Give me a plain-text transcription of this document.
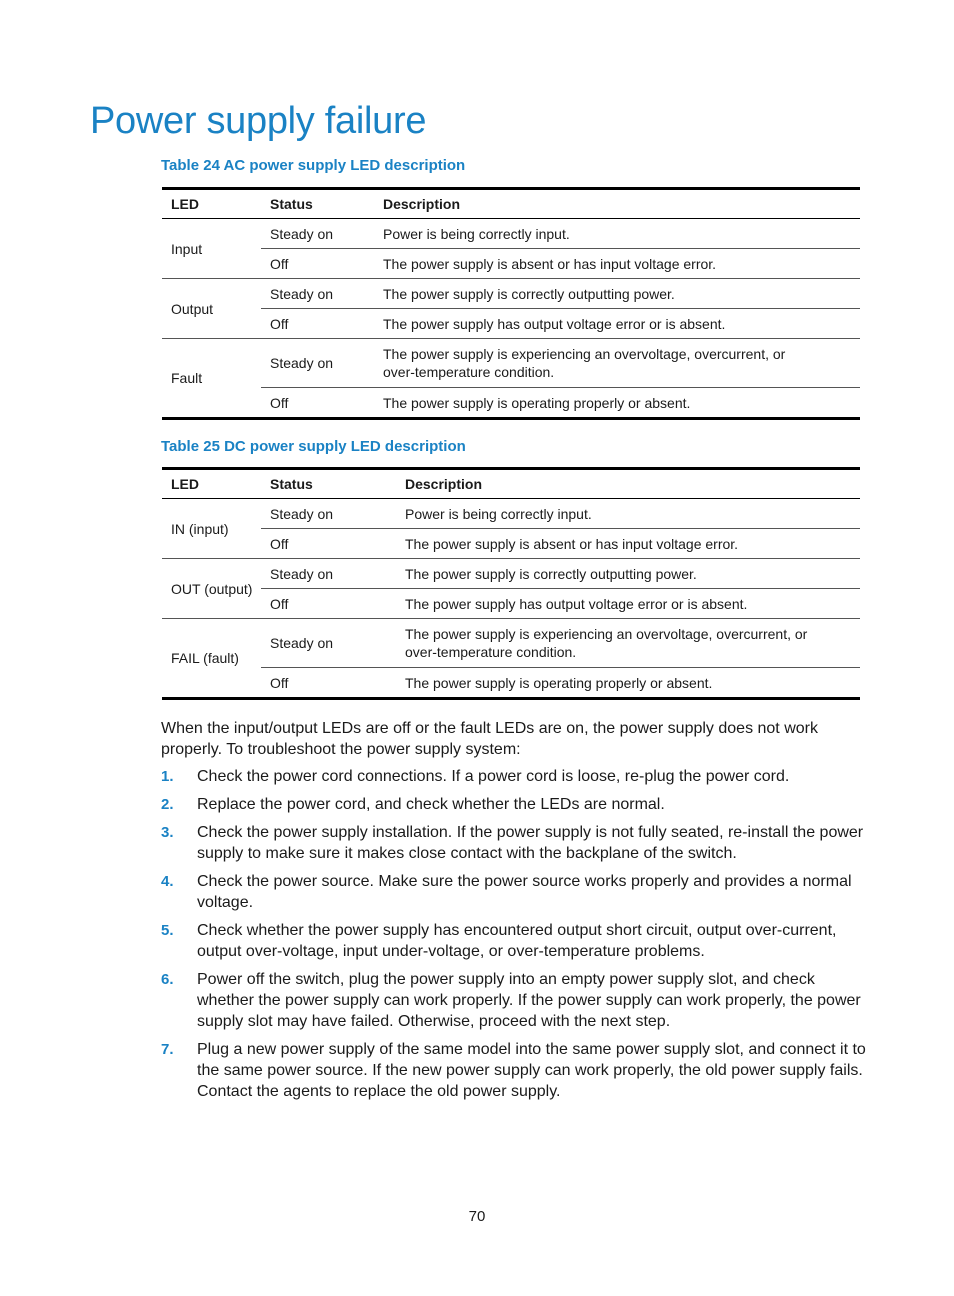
Power supply failure

Table 24 AC power supply LED description

LED	Status	Description
Input	Steady on	Power is being correctly input.
	Off	The power supply is absent or has input voltage error.
Output	Steady on	The power supply is correctly outputting power.
	Off	The power supply has output voltage error or is absent.
Fault	Steady on	The power supply is experiencing an overvoltage, overcurrent, or
over-temperature condition.
	Off	The power supply is operating properly or absent.

Table 25 DC power supply LED description

LED	Status	Description
IN (input)	Steady on	Power is being correctly input.
	Off	The power supply is absent or has input voltage error.
OUT (output)	Steady on	The power supply is correctly outputting power.
	Off	The power supply has output voltage error or is absent.
FAIL (fault)	Steady on	The power supply is experiencing an overvoltage, overcurrent, or
over-temperature condition.
	Off	The power supply is operating properly or absent.

When the input/output LEDs are off or the fault LEDs are on, the power supply does not work properly. To troubleshoot the power supply system:

1. Check the power cord connections. If a power cord is loose, re-plug the power cord.
2. Replace the power cord, and check whether the LEDs are normal.
3. Check the power supply installation. If the power supply is not fully seated, re-install the power supply to make sure it makes close contact with the backplane of the switch.
4. Check the power source. Make sure the power source works properly and provides a normal voltage.
5. Check whether the power supply has encountered output short circuit, output over-current, output over-voltage, input under-voltage, or over-temperature problems.
6. Power off the switch, plug the power supply into an empty power supply slot, and check whether the power supply can work properly. If the power supply can work properly, the power supply slot may have failed. Otherwise, proceed with the next step.
7. Plug a new power supply of the same model into the same power supply slot, and connect it to the same power source. If the new power supply can work properly, the old power supply fails. Contact the agents to replace the old power supply.
70
